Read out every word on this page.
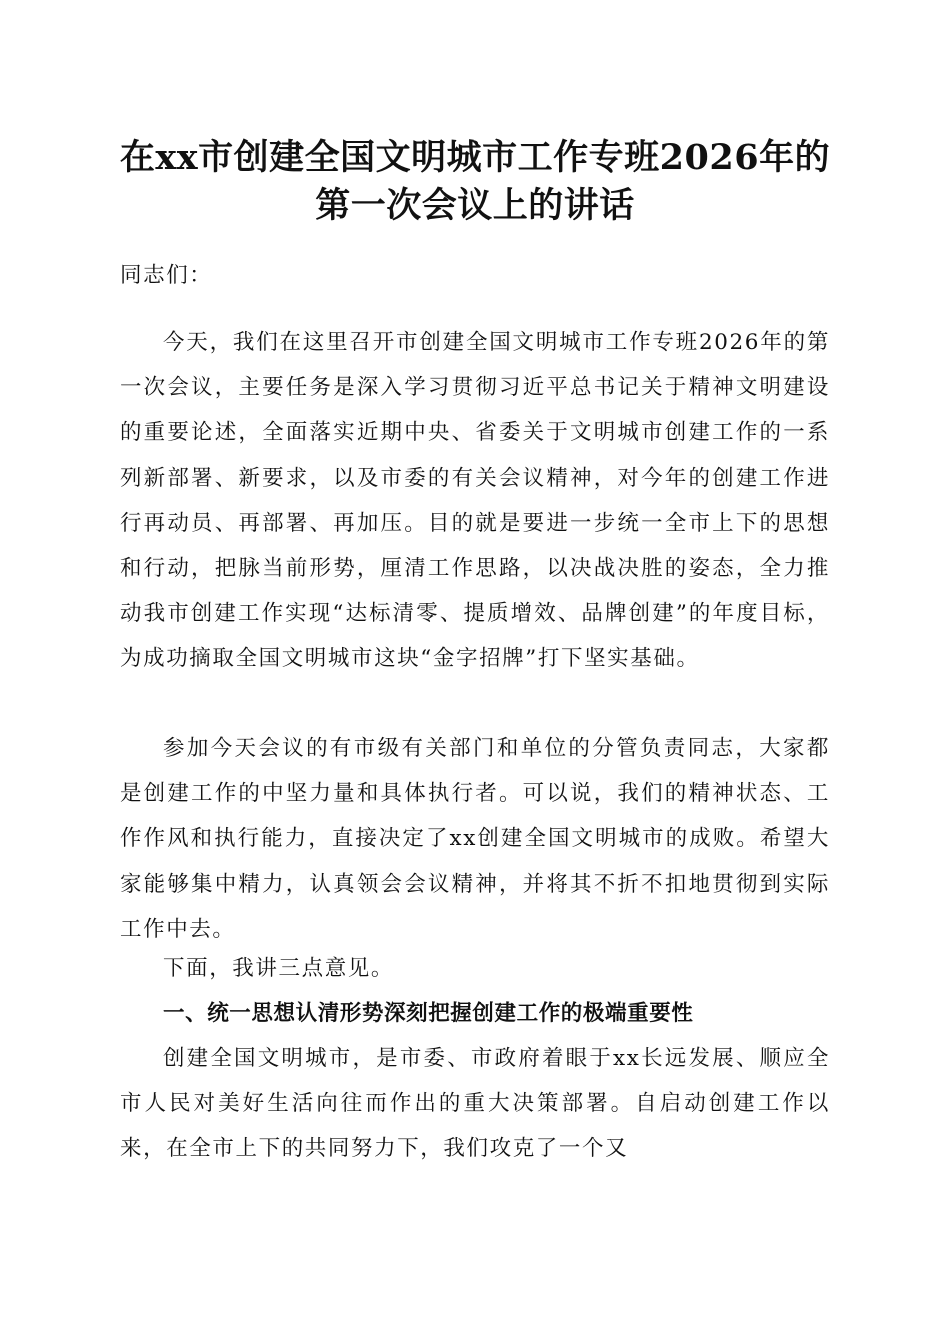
在xx市创建全国文明城市工作专班2026年的
第一次会议上的讲话

同志们：

今天，我们在这里召开市创建全国文明城市工作专班2026年的第一次会议，主要任务是深入学习贯彻习近平总书记关于精神文明建设的重要论述，全面落实近期中央、省委关于文明城市创建工作的一系列新部署、新要求，以及市委的有关会议精神，对今年的创建工作进行再动员、再部署、再加压。目的就是要进一步统一全市上下的思想和行动，把脉当前形势，厘清工作思路，以决战决胜的姿态，全力推动我市创建工作实现“达标清零、提质增效、品牌创建”的年度目标，为成功摘取全国文明城市这块“金字招牌”打下坚实基础。

参加今天会议的有市级有关部门和单位的分管负责同志，大家都是创建工作的中坚力量和具体执行者。可以说，我们的精神状态、工作作风和执行能力，直接决定了xx创建全国文明城市的成败。希望大家能够集中精力，认真领会会议精神，并将其不折不扣地贯彻到实际工作中去。

下面，我讲三点意见。

一、统一思想认清形势深刻把握创建工作的极端重要性

创建全国文明城市，是市委、市政府着眼于xx长远发展、顺应全市人民对美好生活向往而作出的重大决策部署。自启动创建工作以来，在全市上下的共同努力下，我们攻克了一个又
